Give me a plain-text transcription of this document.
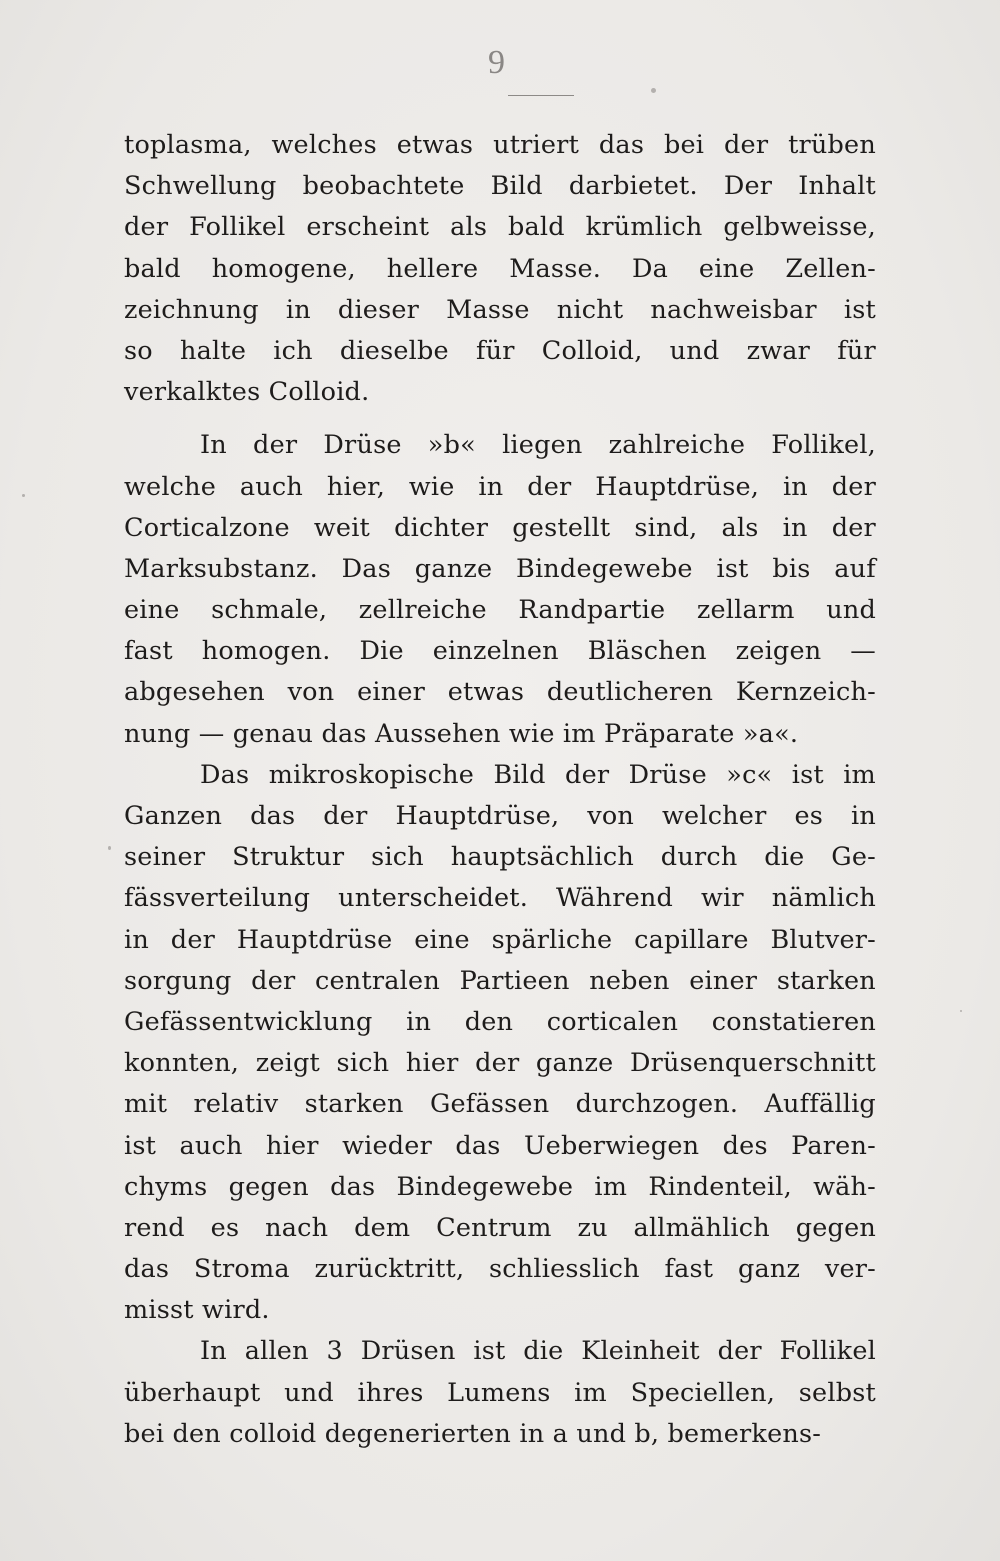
9
toplasma, welches etwas utriert das bei der trüben
Schwellung beobachtete Bild darbietet. Der Inhalt
der Follikel erscheint als bald krümlich gelbweisse,
bald homogene, hellere Masse. Da eine Zellen-
zeichnung in dieser Masse nicht nachweisbar ist
so halte ich dieselbe für Colloid, und zwar für
verkalktes Colloid.
In der Drüse »b« liegen zahlreiche Follikel,
welche auch hier, wie in der Hauptdrüse, in der
Corticalzone weit dichter gestellt sind, als in der
Marksubstanz. Das ganze Bindegewebe ist bis auf
eine schmale, zellreiche Randpartie zellarm und
fast homogen. Die einzelnen Bläschen zeigen —
abgesehen von einer etwas deutlicheren Kernzeich-
nung — genau das Aussehen wie im Präparate »a«.
Das mikroskopische Bild der Drüse »c« ist im
Ganzen das der Hauptdrüse, von welcher es in
seiner Struktur sich hauptsächlich durch die Ge-
fässverteilung unterscheidet. Während wir nämlich
in der Hauptdrüse eine spärliche capillare Blutver-
sorgung der centralen Partieen neben einer starken
Gefässentwicklung in den corticalen constatieren
konnten, zeigt sich hier der ganze Drüsenquerschnitt
mit relativ starken Gefässen durchzogen. Auffällig
ist auch hier wieder das Ueberwiegen des Paren-
chyms gegen das Bindegewebe im Rindenteil, wäh-
rend es nach dem Centrum zu allmählich gegen
das Stroma zurücktritt, schliesslich fast ganz ver-
misst wird.
In allen 3 Drüsen ist die Kleinheit der Follikel
überhaupt und ihres Lumens im Speciellen, selbst
bei den colloid degenerierten in a und b, bemerkens-
